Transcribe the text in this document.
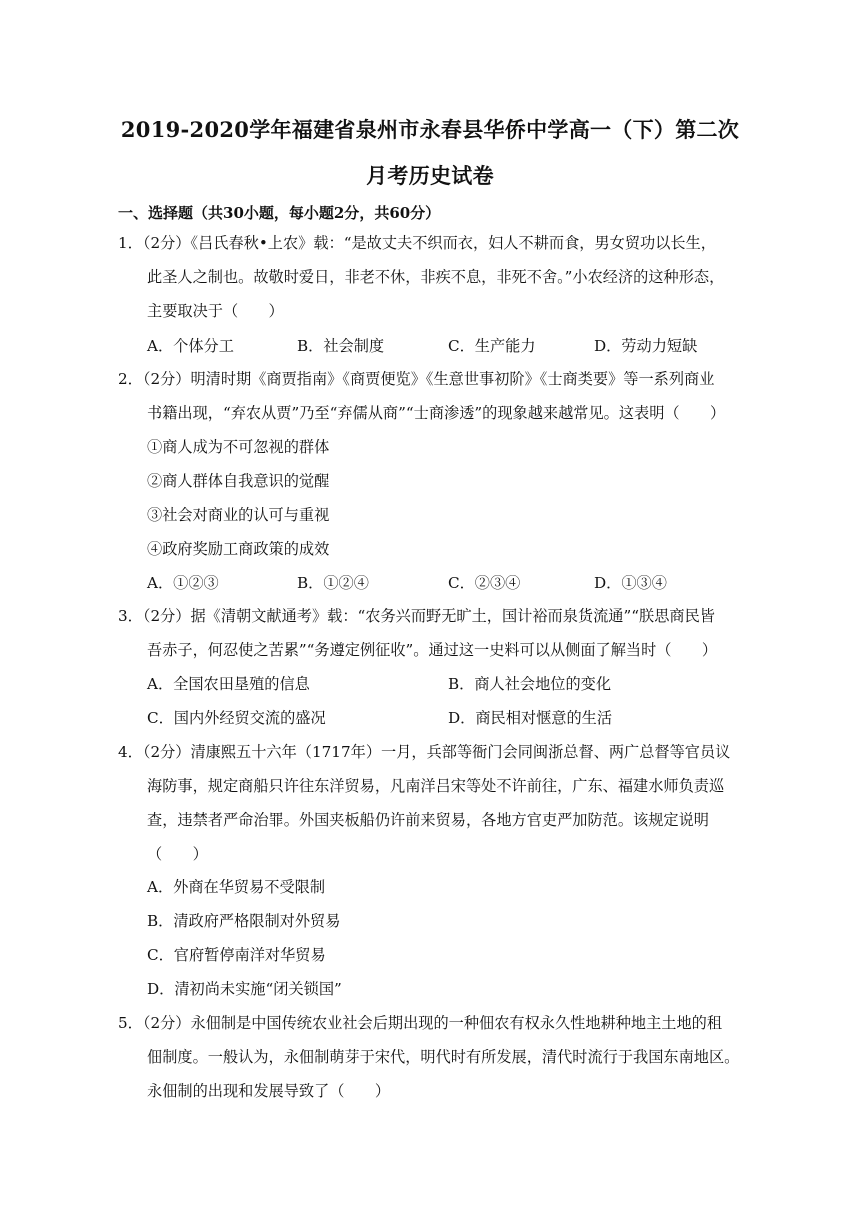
2019-2020学年福建省泉州市永春县华侨中学高一（下）第二次
月考历史试卷
一、选择题（共30小题，每小题2分，共60分）
1．（2分）《吕氏春秋•上农》载：“是故丈夫不织而衣，妇人不耕而食，男女贸功以长生，
此圣人之制也。故敬时爱日，非老不休，非疾不息，非死不舍。”小农经济的这种形态，
主要取决于（　　）
A．个体分工	B．社会制度	C．生产能力	D．劳动力短缺
2．（2分）明清时期《商贾指南》《商贾便览》《生意世事初阶》《士商类要》等一系列商业
书籍出现，“弃农从贾”乃至“弃儒从商”“士商渗透”的现象越来越常见。这表明（　　）
①商人成为不可忽视的群体
②商人群体自我意识的觉醒
③社会对商业的认可与重视
④政府奖励工商政策的成效
A．①②③	B．①②④	C．②③④	D．①③④
3．（2分）据《清朝文献通考》载：“农务兴而野无旷土，国计裕而泉货流通”“朕思商民皆
吾赤子，何忍使之苦累”“务遵定例征收”。通过这一史料可以从侧面了解当时（　　）
A．全国农田垦殖的信息	B．商人社会地位的变化
C．国内外经贸交流的盛况	D．商民相对惬意的生活
4．（2分）清康熙五十六年（1717年）一月，兵部等衙门会同闽浙总督、两广总督等官员议
海防事，规定商船只许往东洋贸易，凡南洋吕宋等处不许前往，广东、福建水师负责巡
查，违禁者严命治罪。外国夹板船仍许前来贸易，各地方官吏严加防范。该规定说明
（　　）
A．外商在华贸易不受限制
B．清政府严格限制对外贸易
C．官府暂停南洋对华贸易
D．清初尚未实施“闭关锁国”
5．（2分）永佃制是中国传统农业社会后期出现的一种佃农有权永久性地耕种地主土地的租
佃制度。一般认为，永佃制萌芽于宋代，明代时有所发展，清代时流行于我国东南地区。
永佃制的出现和发展导致了（　　）
